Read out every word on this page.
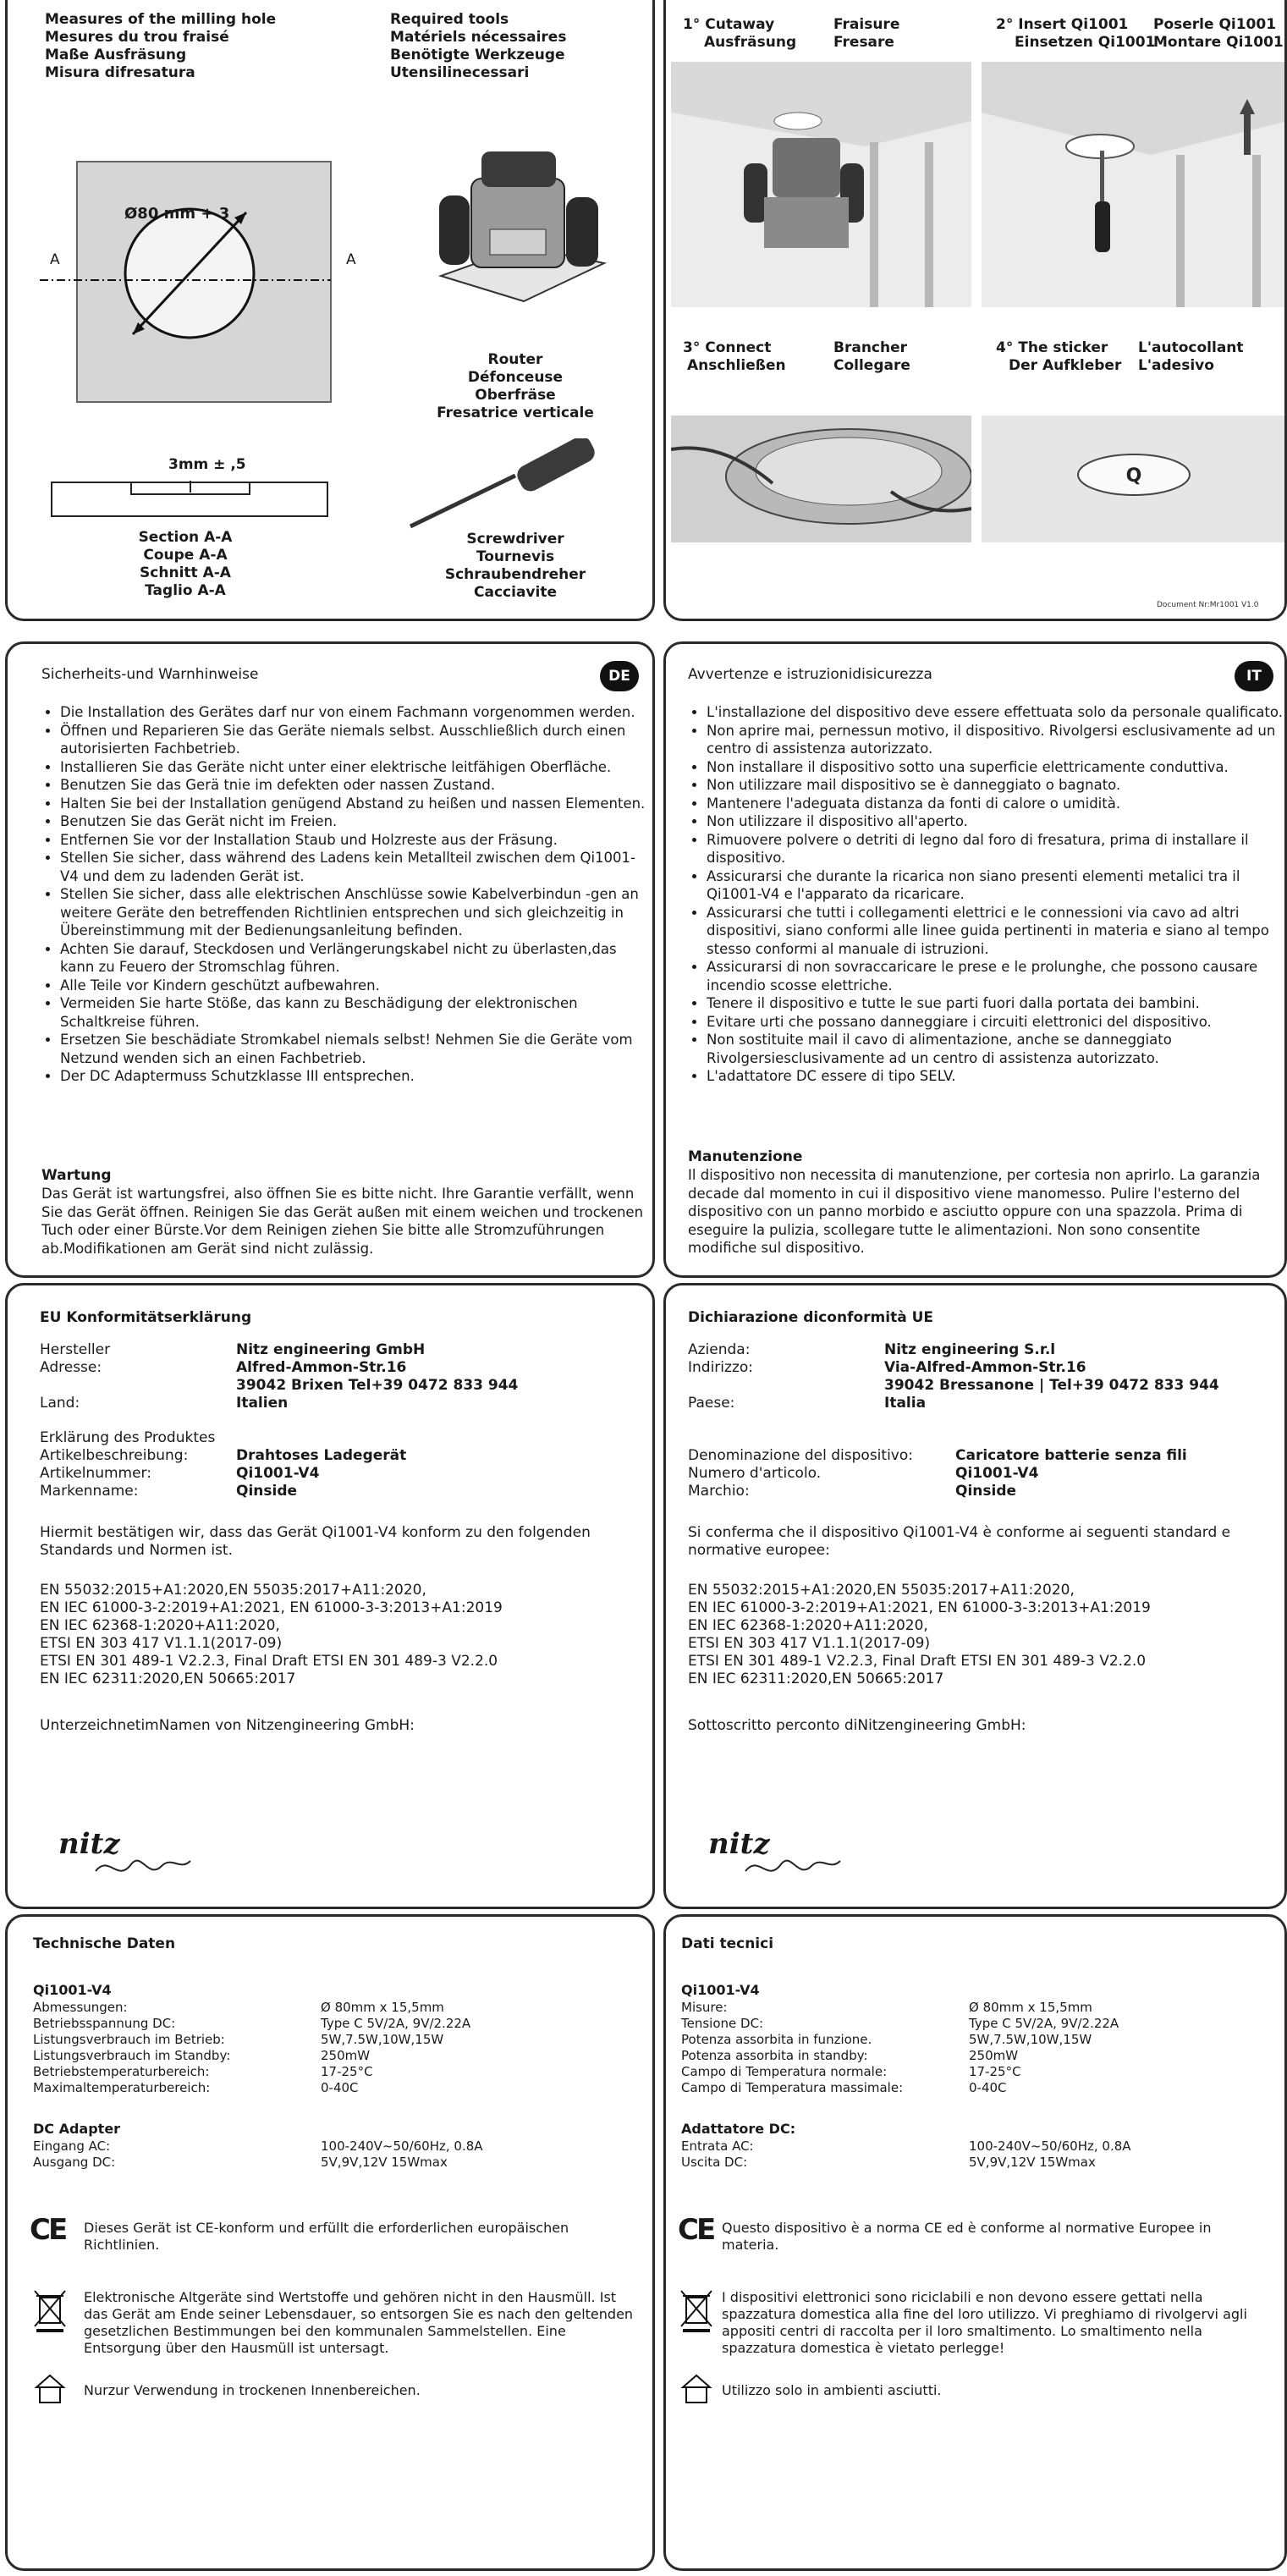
Measures of the milling hole
Mesures du trou fraisé
Maße Ausfräsung
Misura difresatura
Required tools
Matériels nécessaires
Benötigte Werkzeuge
Utensilinecessari
Ø80 mm + 3
A	A
3mm ± ,5
Section A-A
Coupe A-A
Schnitt A-A
Taglio A-A
Router
Défonceuse
Oberfräse
Fresatrice verticale
Screwdriver
Tournevis
Schraubendreher
Cacciavite
1° Cutaway
Ausfräsung
Fraisure
Fresare
2° Insert Qi1001
Einsetzen Qi1001
Poserle Qi1001
Montare Qi1001
3° Connect
Anschließen
Brancher
Collegare
4° The sticker
Der Aufkleber
L'autocollant
L'adesivo
Q
Document Nr:Mr1001 V1.0
Sicherheits-und Warnhinweise	DE
• Die Installation des Gerätes darf nur von einem Fachmann vorgenommen werden.
• Öffnen und Reparieren Sie das Geräte niemals selbst. Ausschließlich durch einen autorisierten Fachbetrieb.
• Installieren Sie das Geräte nicht unter einer elektrische leitfähigen Oberfläche.
• Benutzen Sie das Gerä tnie im defekten oder nassen Zustand.
• Halten Sie bei der Installation genügend Abstand zu heißen und nassen Elementen.
• Benutzen Sie das Gerät nicht im Freien.
• Entfernen Sie vor der Installation Staub und Holzreste aus der Fräsung.
• Stellen Sie sicher, dass während des Ladens kein Metallteil zwischen dem Qi1001-V4 und dem zu ladenden Gerät ist.
• Stellen Sie sicher, dass alle elektrischen Anschlüsse sowie Kabelverbindun -gen an weitere Geräte den betreffenden Richtlinien entsprechen und sich gleichzeitig in Übereinstimmung mit der Bedienungsanleitung befinden.
• Achten Sie darauf, Steckdosen und Verlängerungskabel nicht zu überlasten,das kann zu Feuero der Stromschlag führen.
• Alle Teile vor Kindern geschützt aufbewahren.
• Vermeiden Sie harte Stöße, das kann zu Beschädigung der elektronischen Schaltkreise führen.
• Ersetzen Sie beschädiate Stromkabel niemals selbst! Nehmen Sie die Geräte vom Netzund wenden sich an einen Fachbetrieb.
• Der DC Adaptermuss Schutzklasse III entsprechen.
Wartung
Das Gerät ist wartungsfrei, also öffnen Sie es bitte nicht. Ihre Garantie verfällt, wenn Sie das Gerät öffnen. Reinigen Sie das Gerät außen mit einem weichen und trockenen Tuch oder einer Bürste.Vor dem Reinigen ziehen Sie bitte alle Stromzuführungen ab.Modifikationen am Gerät sind nicht zulässig.
Avvertenze e istruzionidisicurezza	IT
• L'installazione del dispositivo deve essere effettuata solo da personale qualificato.
• Non aprire mai, pernessun motivo, il dispositivo. Rivolgersi esclusivamente ad un centro di assistenza autorizzato.
• Non installare il dispositivo sotto una superficie elettricamente conduttiva.
• Non utilizzare mail dispositivo se è danneggiato o bagnato.
• Mantenere l'adeguata distanza da fonti di calore o umidità.
• Non utilizzare il dispositivo all'aperto.
• Rimuovere polvere o detriti di legno dal foro di fresatura, prima di installare il dispositivo.
• Assicurarsi che durante la ricarica non siano presenti elementi metalici tra il Qi1001-V4 e l'apparato da ricaricare.
• Assicurarsi che tutti i collegamenti elettrici e le connessioni via cavo ad altri dispositivi, siano conformi alle linee guida pertinenti in materia e siano al tempo stesso conformi al manuale di istruzioni.
• Assicurarsi di non sovraccaricare le prese e le prolunghe, che possono causare incendio scosse elettriche.
• Tenere il dispositivo e tutte le sue parti fuori dalla portata dei bambini.
• Evitare urti che possano danneggiare i circuiti elettronici del dispositivo.
• Non sostituite mail il cavo di alimentazione, anche se danneggiato Rivolgersiesclusivamente ad un centro di assistenza autorizzato.
• L'adattatore DC essere di tipo SELV.
Manutenzione
Il dispositivo non necessita di manutenzione, per cortesia non aprirlo. La garanzia decade dal momento in cui il dispositivo viene manomesso. Pulire l'esterno del dispositivo con un panno morbido e asciutto oppure con una spazzola. Prima di eseguire la pulizia, scollegare tutte le alimentazioni. Non sono consentite modifiche sul dispositivo.
EU Konformitätserklärung
Hersteller	Nitz engineering GmbH
Adresse:	Alfred-Ammon-Str.16
39042 Brixen Tel+39 0472 833 944
Land:	Italien
Erklärung des Produktes
Artikelbeschreibung:	Drahtoses Ladegerät
Artikelnummer:	Qi1001-V4
Markenname:	Qinside
Hiermit bestätigen wir, dass das Gerät Qi1001-V4 konform zu den folgenden Standards und Normen ist.
EN 55032:2015+A1:2020,EN 55035:2017+A11:2020,
EN IEC 61000-3-2:2019+A1:2021, EN 61000-3-3:2013+A1:2019
EN IEC 62368-1:2020+A11:2020,
ETSI EN 303 417 V1.1.1(2017-09)
ETSI EN 301 489-1 V2.2.3, Final Draft ETSI EN 301 489-3 V2.2.0
EN IEC 62311:2020,EN 50665:2017
UnterzeichnetimNamen von Nitzengineering GmbH:
nitz
Dichiarazione diconformità UE
Azienda:	Nitz engineering S.r.l
Indirizzo:	Via-Alfred-Ammon-Str.16
39042 Bressanone | Tel+39 0472 833 944
Paese:	Italia
Denominazione del dispositivo:	Caricatore batterie senza fili
Numero d'articolo.	Qi1001-V4
Marchio:	Qinside
Si conferma che il dispositivo Qi1001-V4 è conforme ai seguenti standard e normative europee:
EN 55032:2015+A1:2020,EN 55035:2017+A11:2020,
EN IEC 61000-3-2:2019+A1:2021, EN 61000-3-3:2013+A1:2019
EN IEC 62368-1:2020+A11:2020,
ETSI EN 303 417 V1.1.1(2017-09)
ETSI EN 301 489-1 V2.2.3, Final Draft ETSI EN 301 489-3 V2.2.0
EN IEC 62311:2020,EN 50665:2017
Sottoscritto perconto diNitzengineering GmbH:
nitz
Technische Daten
Qi1001-V4
Abmessungen:	Ø 80mm x 15,5mm
Betriebsspannung DC:	Type C 5V/2A, 9V/2.22A
Listungsverbrauch im Betrieb:	5W,7.5W,10W,15W
Listungsverbrauch im Standby:	250mW
Betriebstemperaturbereich:	17-25°C
Maximaltemperaturbereich:	0-40C
DC Adapter
Eingang AC:	100-240V~50/60Hz, 0.8A
Ausgang DC:	5V,9V,12V 15Wmax
CE Dieses Gerät ist CE-konform und erfüllt die erforderlichen europäischen Richtlinien.
Elektronische Altgeräte sind Wertstoffe und gehören nicht in den Hausmüll. Ist das Gerät am Ende seiner Lebensdauer, so entsorgen Sie es nach den geltenden gesetzlichen Bestimmungen bei den kommunalen Sammelstellen. Eine Entsorgung über den Hausmüll ist untersagt.
Nurzur Verwendung in trockenen Innenbereichen.
Dati tecnici
Qi1001-V4
Misure:	Ø 80mm x 15,5mm
Tensione DC:	Type C 5V/2A, 9V/2.22A
Potenza assorbita in funzione.	5W,7.5W,10W,15W
Potenza assorbita in standby:	250mW
Campo di Temperatura normale:	17-25°C
Campo di Temperatura massimale:	0-40C
Adattatore DC:
Entrata AC:	100-240V~50/60Hz, 0.8A
Uscita DC:	5V,9V,12V 15Wmax
CE Questo dispositivo è a norma CE ed è conforme al normative Europee in materia.
I dispositivi elettronici sono riciclabili e non devono essere gettati nella spazzatura domestica alla fine del loro utilizzo. Vi preghiamo di rivolgervi agli appositi centri di raccolta per il loro smaltimento. Lo smaltimento nella spazzatura domestica è vietato perlegge!
Utilizzo solo in ambienti asciutti.
